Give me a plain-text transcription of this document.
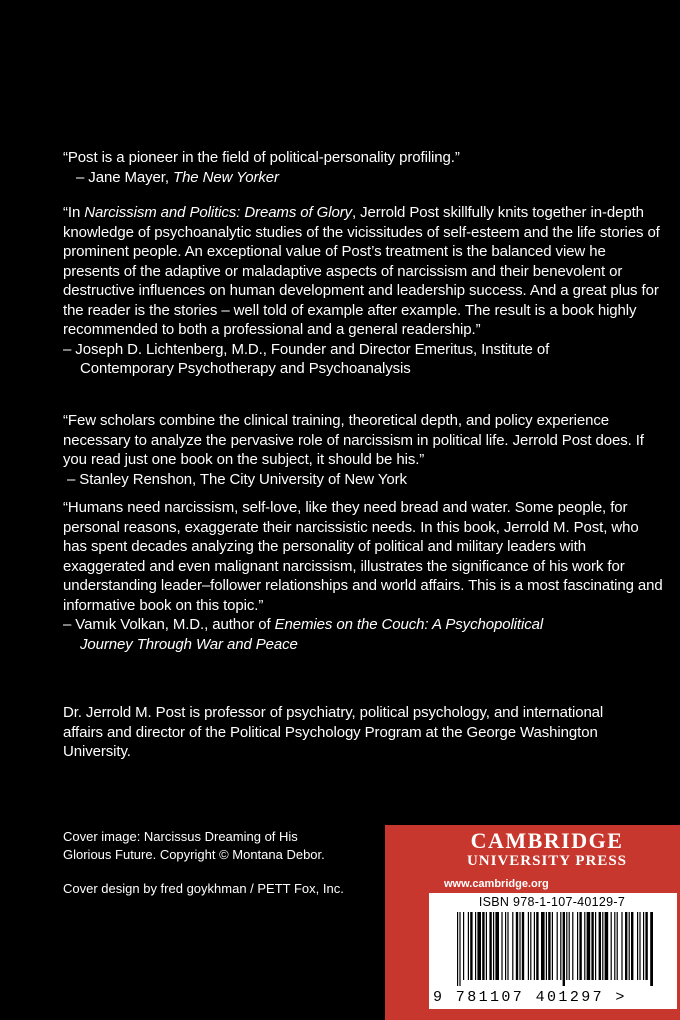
“Post is a pioneer in the field of political-personality profiling.”

– Jane Mayer, The New Yorker

“In Narcissism and Politics: Dreams of Glory, Jerrold Post skillfully knits together in-depth knowledge of psychoanalytic studies of the vicissitudes of self-esteem and the life stories of prominent people. An exceptional value of Post’s treatment is the balanced view he presents of the adaptive or maladaptive aspects of narcissism and their benevolent or destructive influences on human development and leadership success. And a great plus for the reader is the stories – well told of example after example. The result is a book highly recommended to both a professional and a general readership.”

– Joseph D. Lichtenberg, M.D., Founder and Director Emeritus, Institute of

Contemporary Psychotherapy and Psychoanalysis

“Few scholars combine the clinical training, theoretical depth, and policy experience necessary to analyze the pervasive role of narcissism in political life. Jerrold Post does. If you read just one book on the subject, it should be his.”

– Stanley Renshon, The City University of New York

“Humans need narcissism, self-love, like they need bread and water. Some people, for personal reasons, exaggerate their narcissistic needs. In this book, Jerrold M. Post, who has spent decades analyzing the personality of political and military leaders with exaggerated and even malignant narcissism, illustrates the significance of his work for understanding leader–follower relationships and world affairs. This is a most fascinating and informative book on this topic.”

– Vamık Volkan, M.D., author of Enemies on the Couch: A Psychopolitical

Journey Through War and Peace

Dr. Jerrold M. Post is professor of psychiatry, political psychology, and international affairs and director of the Political Psychology Program at the George Washington University.
Cover image: Narcissus Dreaming of His
Glorious Future. Copyright © Montana Debor.
Cover design by fred goykhman / PETT Fox, Inc.
CAMBRIDGE
UNIVERSITY PRESS
www.cambridge.org
ISBN 978-1-107-40129-7
9 781107 401297 >
